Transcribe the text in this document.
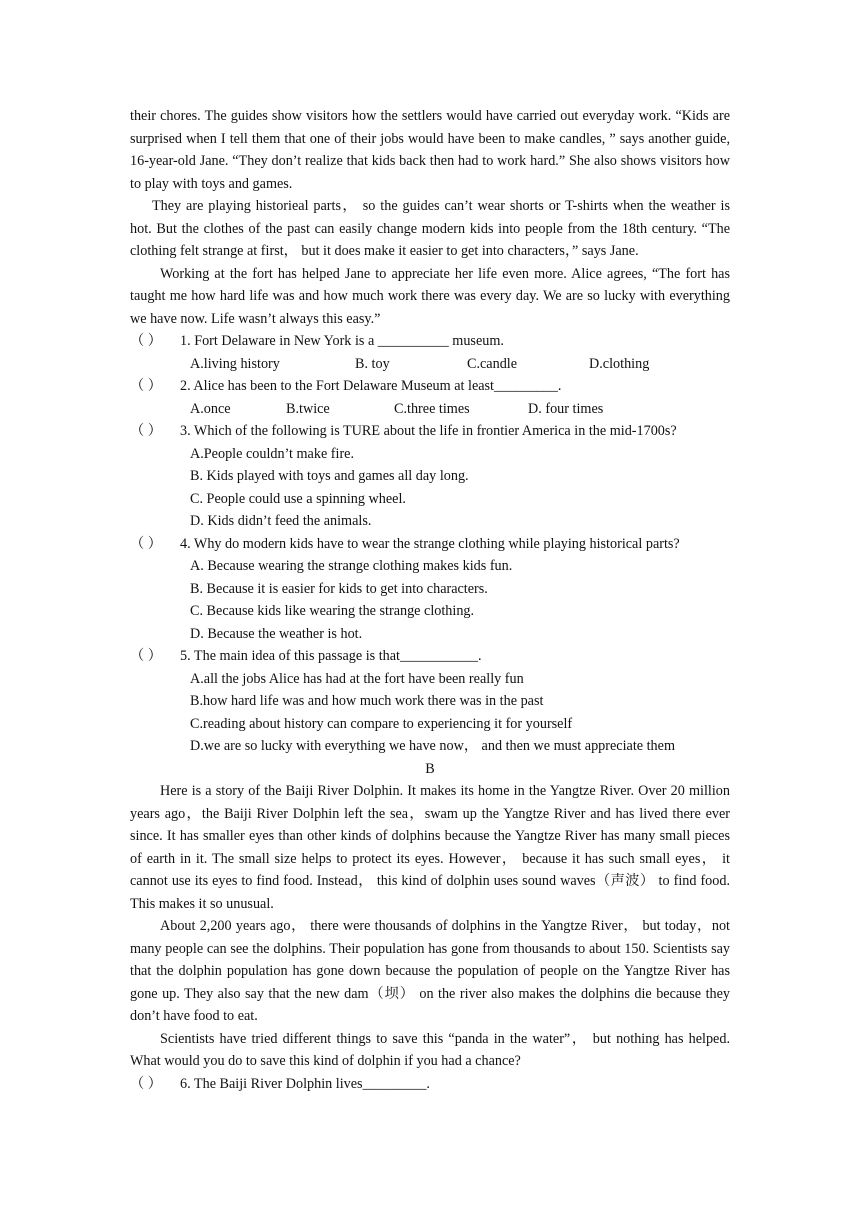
their chores. The guides show visitors how the settlers would have carried out everyday work. “Kids are surprised when I tell them that one of their jobs would have been to make candles, ” says another guide, 16-year-old Jane. “They don’t realize that kids back then had to work hard.” She also shows visitors how to play with toys and games.

They are playing historieal parts， so the guides can’t wear shorts or T-shirts when the weather is hot. But the clothes of the past can easily change modern kids into people from the 18th century. “The clothing felt strange at first， but it does make it easier to get into characters，” says Jane.

Working at the fort has helped Jane to appreciate her life even more. Alice agrees, “The fort has taught me how hard life was and how much work there was every day. We are so lucky with everything we have now. Life wasn’t always this easy.”

（ ） 1. Fort Delaware in New York is a __________ museum.

A.living history	B. toy	C.candle	D.clothing

（ ） 2. Alice has been to the Fort Delaware Museum at least_________.

A.once	B.twice	C.three times	D. four times

（ ） 3. Which of the following is TURE about the life in frontier America in the mid-1700s?

A.People couldn’t make fire.

B. Kids played with toys and games all day long.

C. People could use a spinning wheel.

D. Kids didn’t feed the animals.

（ ） 4. Why do modern kids have to wear the strange clothing while playing historical parts?

A. Because wearing the strange clothing makes kids fun.

B. Because it is easier for kids to get into characters.

C. Because kids like wearing the strange clothing.

D. Because the weather is hot.

（ ） 5. The main idea of this passage is that___________.

A.all the jobs Alice has had at the fort have been really fun

B.how hard life was and how much work there was in the past

C.reading about history can compare to experiencing it for yourself

D.we are so lucky with everything we have now， and then we must appreciate them

B

Here is a story of the Baiji River Dolphin. It makes its home in the Yangtze River. Over 20 million years ago，the Baiji River Dolphin left the sea，swam up the Yangtze River and has lived there ever since. It has smaller eyes than other kinds of dolphins because the Yangtze River has many small pieces of earth in it. The small size helps to protect its eyes. However， because it has such small eyes， it cannot use its eyes to find food. Instead， this kind of dolphin uses sound waves（声波） to find food. This makes it so unusual.

About 2,200 years ago， there were thousands of dolphins in the Yangtze River， but today，not many people can see the dolphins. Their population has gone from thousands to about 150. Scientists say that the dolphin population has gone down because the population of people on the Yangtze River has gone up. They also say that the new dam（坝） on the river also makes the dolphins die because they don’t have food to eat.

Scientists have tried different things to save this “panda in the water”， but nothing has helped. What would you do to save this kind of dolphin if you had a chance?

（ ） 6. The Baiji River Dolphin lives_________.
